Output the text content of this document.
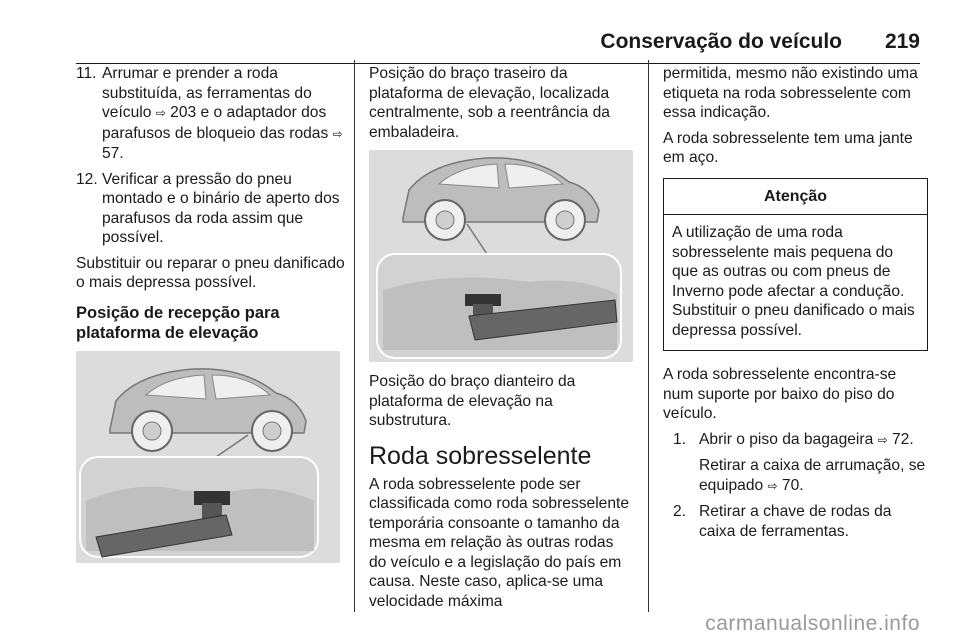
Conservação do veículo 219
11. Arrumar e prender a roda substituída, as ferramentas do veículo ⇨ 203 e o adaptador dos parafusos de bloqueio das rodas ⇨ 57.
12. Verificar a pressão do pneu montado e o binário de aperto dos parafusos da roda assim que possível.

Substituir ou reparar o pneu danificado o mais depressa possível.

Posição de recepção para plataforma de elevação

Posição do braço traseiro da plataforma de elevação, localizada centralmente, sob a reentrância da embaladeira.

Posição do braço dianteiro da plataforma de elevação na substrutura.

Roda sobresselente

A roda sobresselente pode ser classificada como roda sobresselente temporária consoante o tamanho da mesma em relação às outras rodas do veículo e a legislação do país em causa. Neste caso, aplica-se uma velocidade máxima

permitida, mesmo não existindo uma etiqueta na roda sobresselente com essa indicação.

A roda sobresselente tem uma jante em aço.

Atenção
A utilização de uma roda sobresselente mais pequena do que as outras ou com pneus de Inverno pode afectar a condução. Substituir o pneu danificado o mais depressa possível.

A roda sobresselente encontra-se num suporte por baixo do piso do veículo.

1. Abrir o piso da bagageira ⇨ 72.
Retirar a caixa de arrumação, se equipado ⇨ 70.
2. Retirar a chave de rodas da caixa de ferramentas.
carmanualsonline.info
